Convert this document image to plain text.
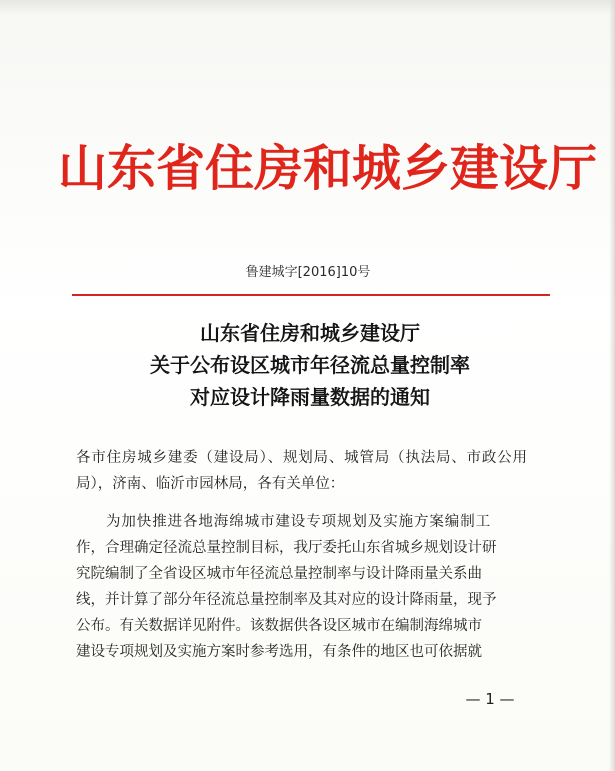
山东省住房和城乡建设厅
鲁建城字[2016]10号
山东省住房和城乡建设厅
关于公布设区城市年径流总量控制率
对应设计降雨量数据的通知
各市住房城乡建委（建设局）、规划局、城管局（执法局、市政公用
局），济南、临沂市园林局，各有关单位：
为加快推进各地海绵城市建设专项规划及实施方案编制工
作，合理确定径流总量控制目标，我厅委托山东省城乡规划设计研
究院编制了全省设区城市年径流总量控制率与设计降雨量关系曲
线，并计算了部分年径流总量控制率及其对应的设计降雨量，现予
公布。有关数据详见附件。该数据供各设区城市在编制海绵城市
建设专项规划及实施方案时参考选用，有条件的地区也可依据就
— 1 —
